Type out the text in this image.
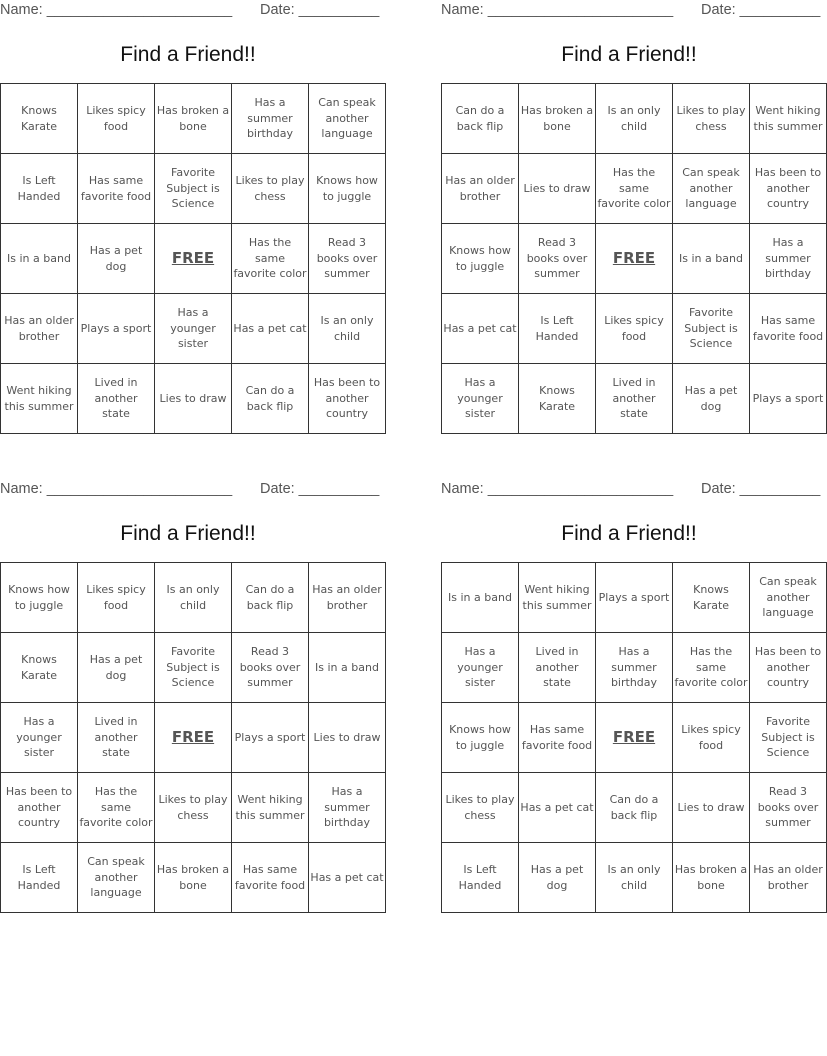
Name: _______________________ Date: __________
Find a Friend!!
Knows Karate	Likes spicy food	Has broken a bone	Has a summer birthday	Can speak another language
Is Left Handed	Has same favorite food	Favorite Subject is Science	Likes to play chess	Knows how to juggle
Is in a band	Has a pet dog	FREE	Has the same favorite color	Read 3 books over summer
Has an older brother	Plays a sport	Has a younger sister	Has a pet cat	Is an only child
Went hiking this summer	Lived in another state	Lies to draw	Can do a back flip	Has been to another country
Name: _______________________ Date: __________
Find a Friend!!
Can do a back flip	Has broken a bone	Is an only child	Likes to play chess	Went hiking this summer
Has an older brother	Lies to draw	Has the same favorite color	Can speak another language	Has been to another country
Knows how to juggle	Read 3 books over summer	FREE	Is in a band	Has a summer birthday
Has a pet cat	Is Left Handed	Likes spicy food	Favorite Subject is Science	Has same favorite food
Has a younger sister	Knows Karate	Lived in another state	Has a pet dog	Plays a sport
Name: _______________________ Date: __________
Find a Friend!!
Knows how to juggle	Likes spicy food	Is an only child	Can do a back flip	Has an older brother
Knows Karate	Has a pet dog	Favorite Subject is Science	Read 3 books over summer	Is in a band
Has a younger sister	Lived in another state	FREE	Plays a sport	Lies to draw
Has been to another country	Has the same favorite color	Likes to play chess	Went hiking this summer	Has a summer birthday
Is Left Handed	Can speak another language	Has broken a bone	Has same favorite food	Has a pet cat
Name: _______________________ Date: __________
Find a Friend!!
Is in a band	Went hiking this summer	Plays a sport	Knows Karate	Can speak another language
Has a younger sister	Lived in another state	Has a summer birthday	Has the same favorite color	Has been to another country
Knows how to juggle	Has same favorite food	FREE	Likes spicy food	Favorite Subject is Science
Likes to play chess	Has a pet cat	Can do a back flip	Lies to draw	Read 3 books over summer
Is Left Handed	Has a pet dog	Is an only child	Has broken a bone	Has an older brother
